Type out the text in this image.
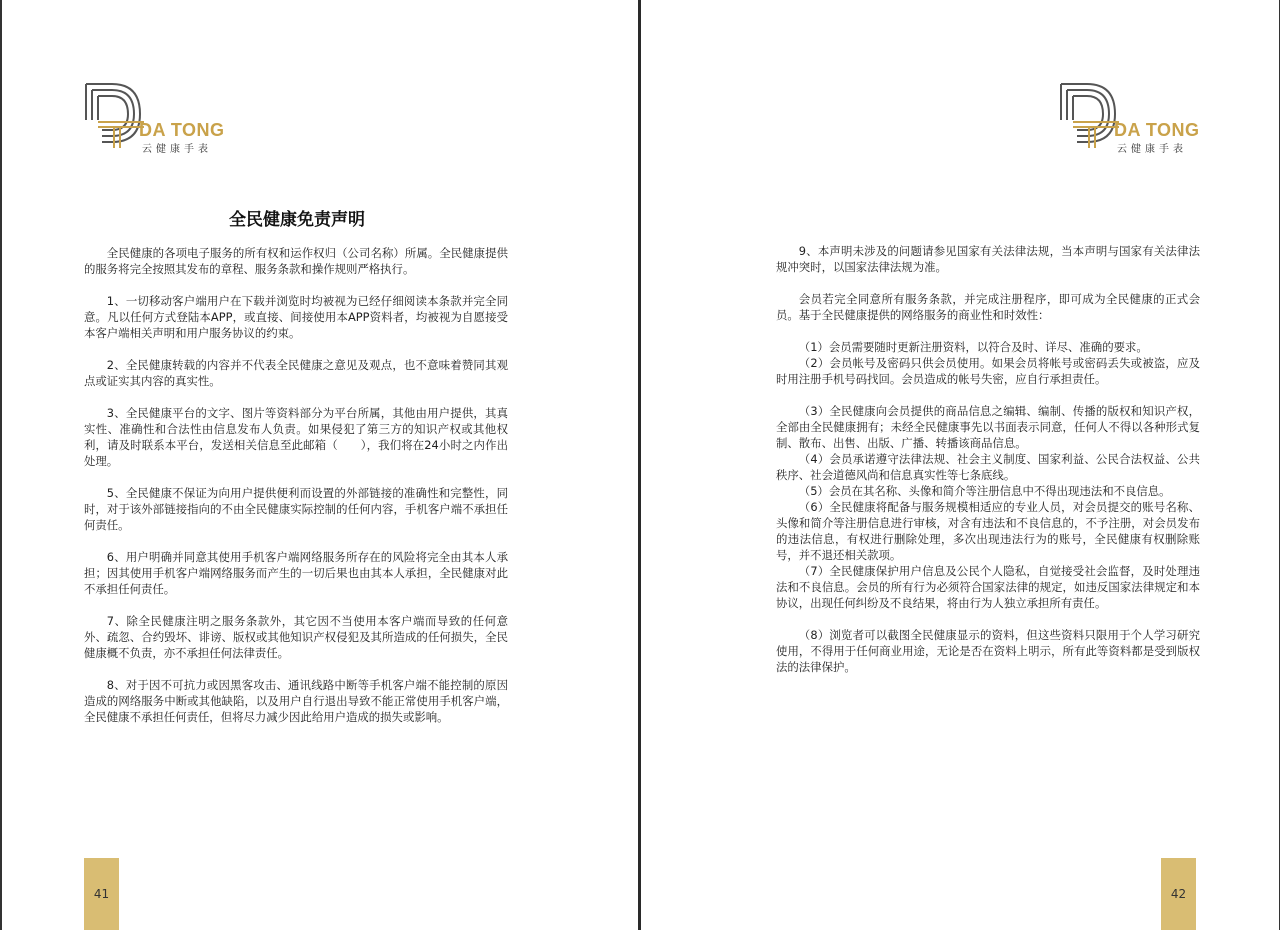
DA TONG
云健康手表
全民健康免责声明

全民健康的各项电子服务的所有权和运作权归（公司名称）所属。全民健康提供的服务将完全按照其发布的章程、服务条款和操作规则严格执行。

1、一切移动客户端用户在下载并浏览时均被视为已经仔细阅读本条款并完全同意。凡以任何方式登陆本APP，或直接、间接使用本APP资料者，均被视为自愿接受本客户端相关声明和用户服务协议的约束。

2、全民健康转载的内容并不代表全民健康之意见及观点，也不意味着赞同其观点或证实其内容的真实性。

3、全民健康平台的文字、图片等资料部分为平台所属，其他由用户提供，其真实性、准确性和合法性由信息发布人负责。如果侵犯了第三方的知识产权或其他权利，请及时联系本平台，发送相关信息至此邮箱（　　），我们将在24小时之内作出处理。

5、全民健康不保证为向用户提供便利而设置的外部链接的准确性和完整性，同时，对于该外部链接指向的不由全民健康实际控制的任何内容，手机客户端不承担任何责任。

6、用户明确并同意其使用手机客户端网络服务所存在的风险将完全由其本人承担；因其使用手机客户端网络服务而产生的一切后果也由其本人承担，全民健康对此不承担任何责任。

7、除全民健康注明之服务条款外，其它因不当使用本客户端而导致的任何意外、疏忽、合约毁坏、诽谤、版权或其他知识产权侵犯及其所造成的任何损失，全民健康概不负责，亦不承担任何法律责任。

8、对于因不可抗力或因黑客攻击、通讯线路中断等手机客户端不能控制的原因造成的网络服务中断或其他缺陷，以及用户自行退出导致不能正常使用手机客户端，全民健康不承担任何责任，但将尽力减少因此给用户造成的损失或影响。

41
DA TONG
云健康手表

9、本声明未涉及的问题请参见国家有关法律法规，当本声明与国家有关法律法规冲突时，以国家法律法规为准。

会员若完全同意所有服务条款，并完成注册程序，即可成为全民健康的正式会员。基于全民健康提供的网络服务的商业性和时效性：

（1）会员需要随时更新注册资料，以符合及时、详尽、准确的要求。

（2）会员帐号及密码只供会员使用。如果会员将帐号或密码丢失或被盗，应及时用注册手机号码找回。会员造成的帐号失密，应自行承担责任。

（3）全民健康向会员提供的商品信息之编辑、编制、传播的版权和知识产权，全部由全民健康拥有；未经全民健康事先以书面表示同意，任何人不得以各种形式复制、散布、出售、出版、广播、转播该商品信息。

（4）会员承诺遵守法律法规、社会主义制度、国家利益、公民合法权益、公共秩序、社会道德风尚和信息真实性等七条底线。

（5）会员在其名称、头像和简介等注册信息中不得出现违法和不良信息。

（6）全民健康将配备与服务规模相适应的专业人员，对会员提交的账号名称、头像和简介等注册信息进行审核，对含有违法和不良信息的，不予注册，对会员发布的违法信息，有权进行删除处理，多次出现违法行为的账号，全民健康有权删除账号，并不退还相关款项。

（7）全民健康保护用户信息及公民个人隐私，自觉接受社会监督，及时处理违法和不良信息。会员的所有行为必须符合国家法律的规定，如违反国家法律规定和本协议，出现任何纠纷及不良结果，将由行为人独立承担所有责任。

（8）浏览者可以截图全民健康显示的资料，但这些资料只限用于个人学习研究使用，不得用于任何商业用途，无论是否在资料上明示，所有此等资料都是受到版权法的法律保护。

42
